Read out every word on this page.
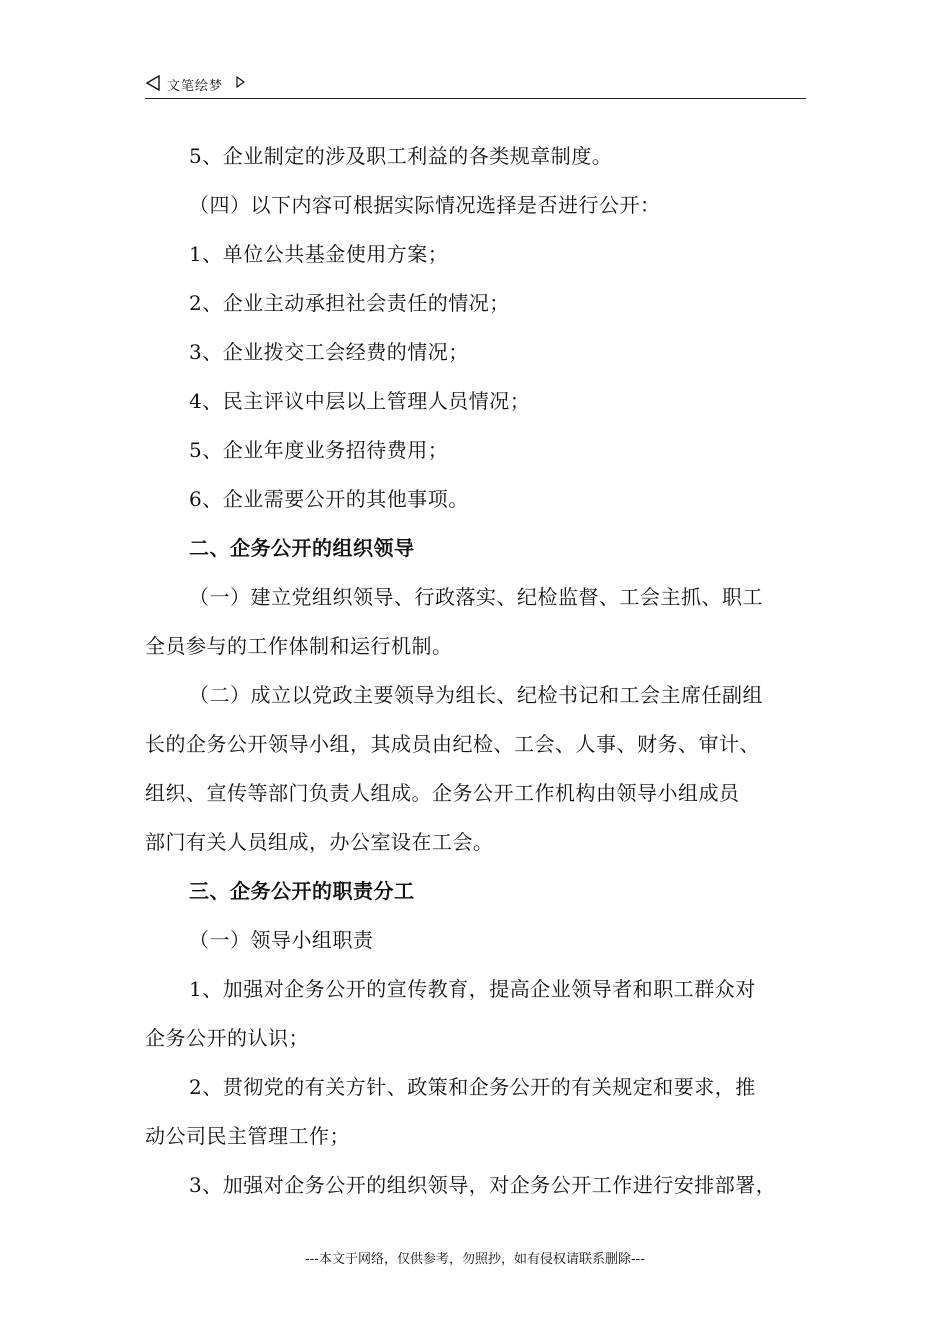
文笔绘梦
5、企业制定的涉及职工利益的各类规章制度。
（四）以下内容可根据实际情况选择是否进行公开：
1、单位公共基金使用方案；
2、企业主动承担社会责任的情况；
3、企业拨交工会经费的情况；
4、民主评议中层以上管理人员情况；
5、企业年度业务招待费用；
6、企业需要公开的其他事项。
二、企务公开的组织领导
（一）建立党组织领导、行政落实、纪检监督、工会主抓、职工
全员参与的工作体制和运行机制。
（二）成立以党政主要领导为组长、纪检书记和工会主席任副组
长的企务公开领导小组，其成员由纪检、工会、人事、财务、审计、
组织、宣传等部门负责人组成。企务公开工作机构由领导小组成员
部门有关人员组成，办公室设在工会。
三、企务公开的职责分工
（一）领导小组职责
1、加强对企务公开的宣传教育，提高企业领导者和职工群众对
企务公开的认识；
2、贯彻党的有关方针、政策和企务公开的有关规定和要求，推
动公司民主管理工作；
3、加强对企务公开的组织领导，对企务公开工作进行安排部署，
---本文于网络，仅供参考，勿照抄，如有侵权请联系删除---
